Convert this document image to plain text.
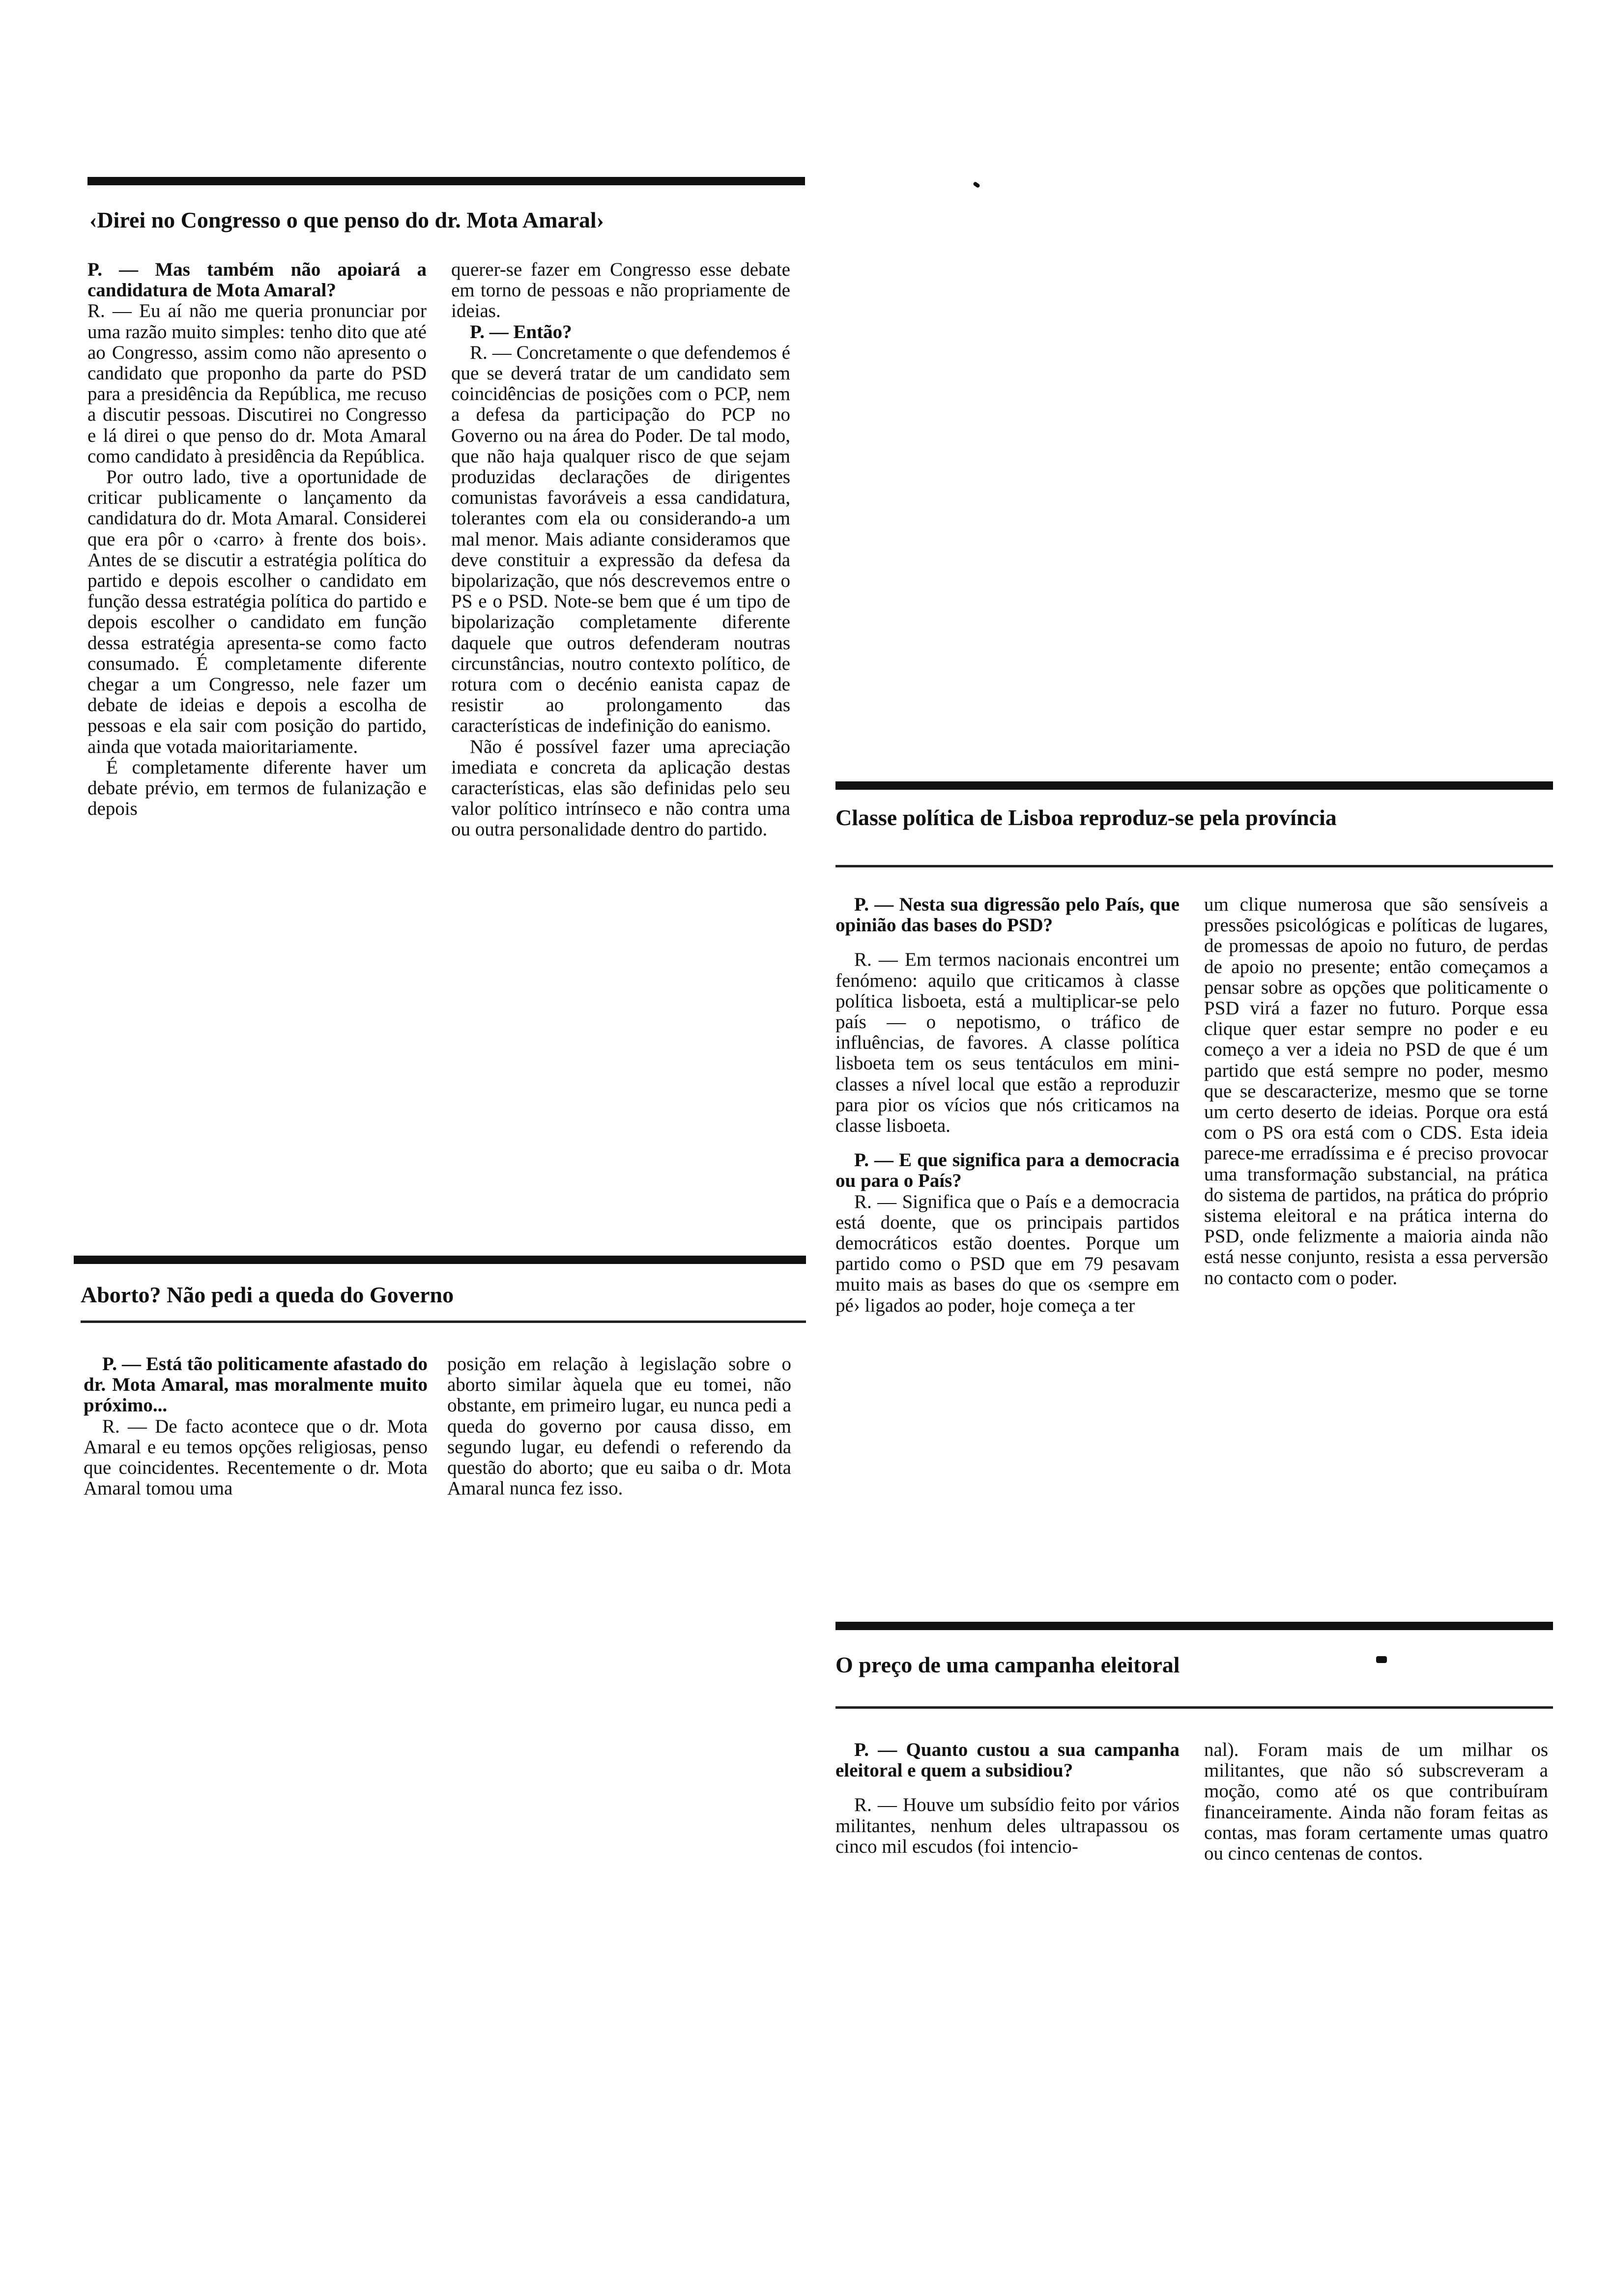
‹Direi no Congresso o que penso do dr. Mota Amaral›

P. — Mas também não apoiará a candidatura de Mota Amaral?

R. — Eu aí não me queria pronunciar por uma razão muito simples: tenho dito que até ao Congresso, assim como não apresento o candidato que proponho da parte do PSD para a presidência da República, me recuso a discutir pessoas. Discutirei no Congresso e lá direi o que penso do dr. Mota Amaral como candidato à presidência da República.

Por outro lado, tive a oportunidade de criticar publicamente o lançamento da candidatura do dr. Mota Amaral. Considerei que era pôr o ‹carro› à frente dos bois›. Antes de se discutir a estratégia política do partido e depois escolher o candidato em função dessa estratégia política do partido e depois escolher o candidato em função dessa estratégia apresenta-se como facto consumado. É completamente diferente chegar a um Congresso, nele fazer um debate de ideias e depois a escolha de pessoas e ela sair com posição do partido, ainda que votada maioritariamente.

É completamente diferente haver um debate prévio, em termos de fulanização e depois

querer-se fazer em Congresso esse debate em torno de pessoas e não propriamente de ideias.

P. — Então?

R. — Concretamente o que defendemos é que se deverá tratar de um candidato sem coincidências de posições com o PCP, nem a defesa da participação do PCP no Governo ou na área do Poder. De tal modo, que não haja qualquer risco de que sejam produzidas declarações de dirigentes comunistas favoráveis a essa candidatura, tolerantes com ela ou considerando-a um mal menor. Mais adiante consideramos que deve constituir a expressão da defesa da bipolarização, que nós descrevemos entre o PS e o PSD. Note-se bem que é um tipo de bipolarização completamente diferente daquele que outros defenderam noutras circunstâncias, noutro contexto político, de rotura com o decénio eanista capaz de resistir ao prolongamento das características de indefinição do eanismo.

Não é possível fazer uma apreciação imediata e concreta da aplicação destas características, elas são definidas pelo seu valor político intrínseco e não contra uma ou outra personalidade dentro do partido.

Aborto? Não pedi a queda do Governo

P. — Está tão politicamente afastado do dr. Mota Amaral, mas moralmente muito próximo...

R. — De facto acontece que o dr. Mota Amaral e eu temos opções religiosas, penso que coincidentes. Recentemente o dr. Mota Amaral tomou uma

posição em relação à legislação sobre o aborto similar àquela que eu tomei, não obstante, em primeiro lugar, eu nunca pedi a queda do governo por causa disso, em segundo lugar, eu defendi o referendo da questão do aborto; que eu saiba o dr. Mota Amaral nunca fez isso.

Classe política de Lisboa reproduz-se pela província

P. — Nesta sua digressão pelo País, que opinião das bases do PSD?

R. — Em termos nacionais encontrei um fenómeno: aquilo que criticamos à classe política lisboeta, está a multiplicar-se pelo país — o nepotismo, o tráfico de influências, de favores. A classe política lisboeta tem os seus tentáculos em mini-classes a nível local que estão a reproduzir para pior os vícios que nós criticamos na classe lisboeta.

P. — E que significa para a democracia ou para o País?

R. — Significa que o País e a democracia está doente, que os principais partidos democráticos estão doentes. Porque um partido como o PSD que em 79 pesavam muito mais as bases do que os ‹sempre em pé› ligados ao poder, hoje começa a ter

um clique numerosa que são sensíveis a pressões psicológicas e políticas de lugares, de promessas de apoio no futuro, de perdas de apoio no presente; então começamos a pensar sobre as opções que politicamente o PSD virá a fazer no futuro. Porque essa clique quer estar sempre no poder e eu começo a ver a ideia no PSD de que é um partido que está sempre no poder, mesmo que se descaracterize, mesmo que se torne um certo deserto de ideias. Porque ora está com o PS ora está com o CDS. Esta ideia parece-me erradíssima e é preciso provocar uma transformação substancial, na prática do sistema de partidos, na prática do próprio sistema eleitoral e na prática interna do PSD, onde felizmente a maioria ainda não está nesse conjunto, resista a essa perversão no contacto com o poder.

O preço de uma campanha eleitoral

P. — Quanto custou a sua campanha eleitoral e quem a subsidiou?

R. — Houve um subsídio feito por vários militantes, nenhum deles ultrapassou os cinco mil escudos (foi intencio-

nal). Foram mais de um milhar os militantes, que não só subscreveram a moção, como até os que contribuíram financeiramente. Ainda não foram feitas as contas, mas foram certamente umas quatro ou cinco centenas de contos.
